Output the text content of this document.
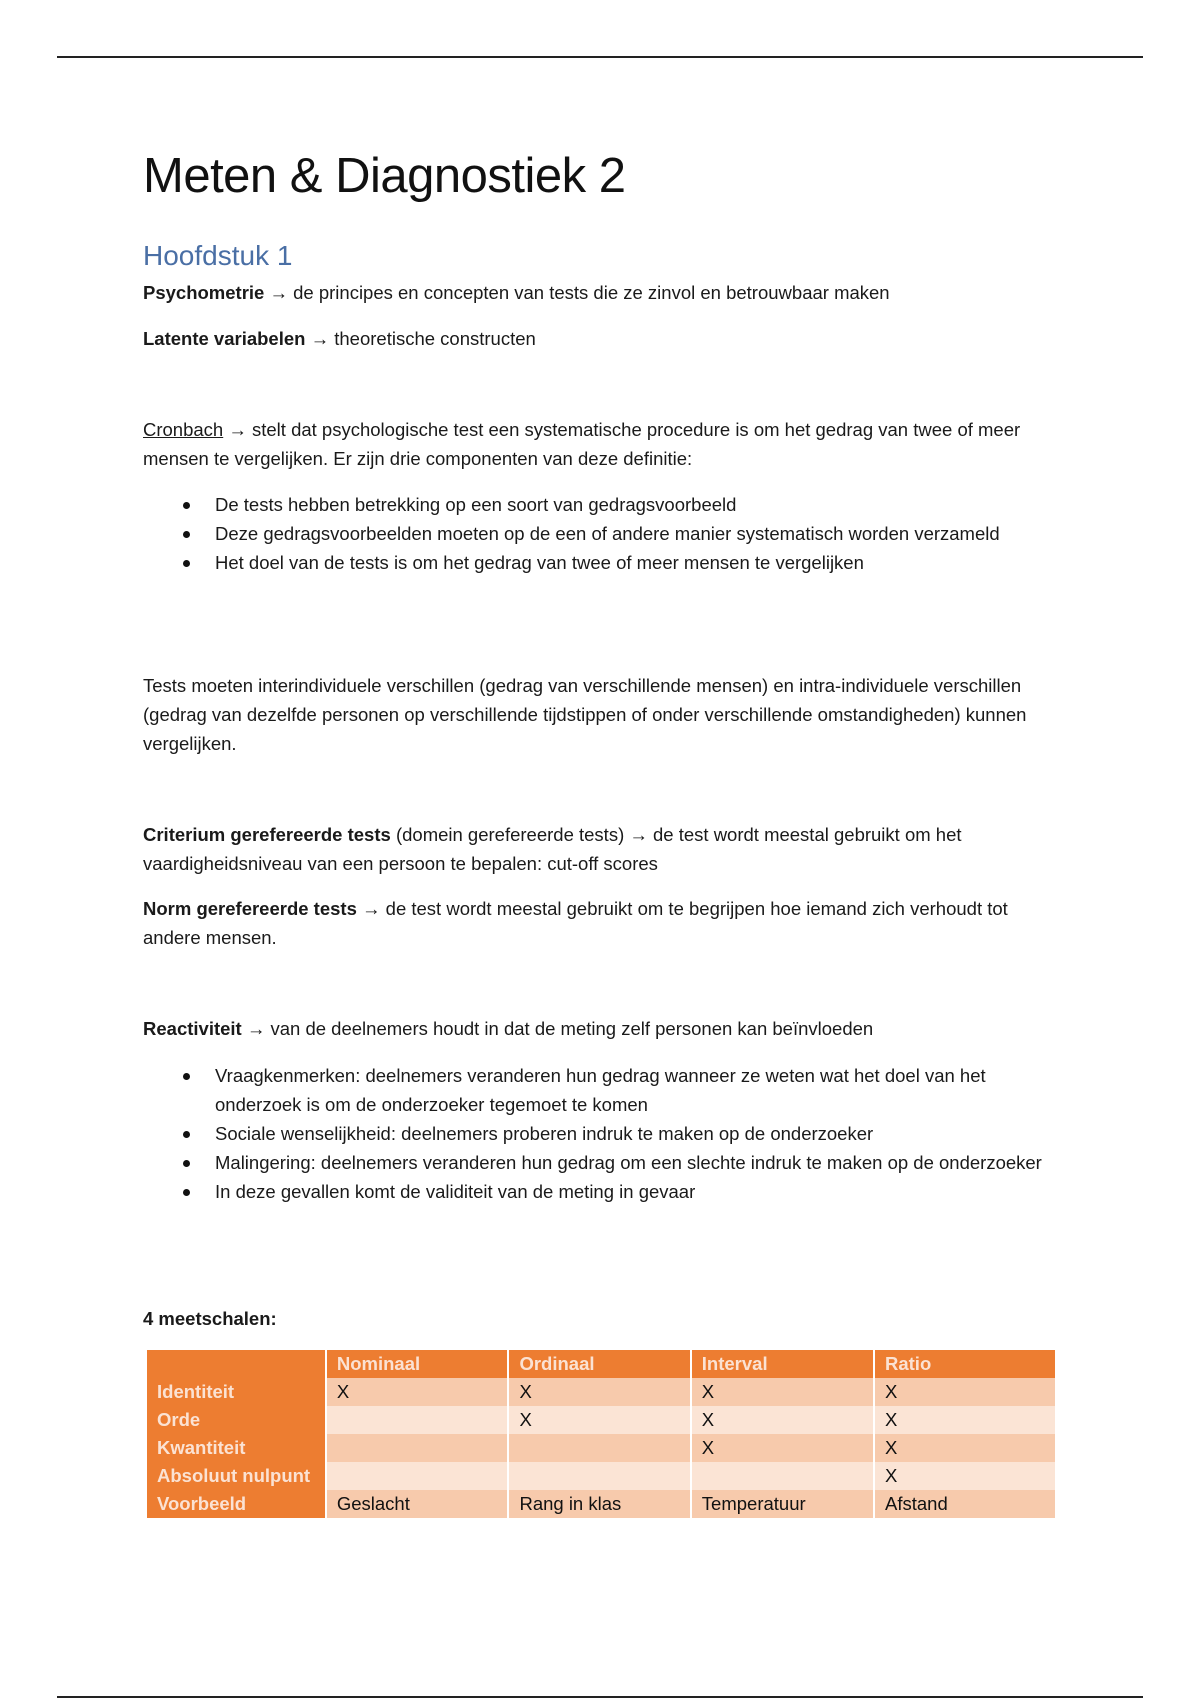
Meten & Diagnostiek 2
Hoofdstuk 1

Psychometrie → de principes en concepten van tests die ze zinvol en betrouwbaar maken

Latente variabelen → theoretische constructen

Cronbach → stelt dat psychologische test een systematische procedure is om het gedrag van twee of meer mensen te vergelijken. Er zijn drie componenten van deze definitie:

De tests hebben betrekking op een soort van gedragsvoorbeeld
Deze gedragsvoorbeelden moeten op de een of andere manier systematisch worden verzameld
Het doel van de tests is om het gedrag van twee of meer mensen te vergelijken

Tests moeten interindividuele verschillen (gedrag van verschillende mensen) en intra-individuele verschillen (gedrag van dezelfde personen op verschillende tijdstippen of onder verschillende omstandigheden) kunnen vergelijken.

Criterium gerefereerde tests (domein gerefereerde tests) → de test wordt meestal gebruikt om het vaardigheidsniveau van een persoon te bepalen: cut-off scores

Norm gerefereerde tests → de test wordt meestal gebruikt om te begrijpen hoe iemand zich verhoudt tot andere mensen.

Reactiviteit → van de deelnemers houdt in dat de meting zelf personen kan beïnvloeden

Vraagkenmerken: deelnemers veranderen hun gedrag wanneer ze weten wat het doel van het onderzoek is om de onderzoeker tegemoet te komen
Sociale wenselijkheid: deelnemers proberen indruk te maken op de onderzoeker
Malingering: deelnemers veranderen hun gedrag om een slechte indruk te maken op de onderzoeker
In deze gevallen komt de validiteit van de meting in gevaar

4 meetschalen:

	Nominaal	Ordinaal	Interval	Ratio
Identiteit	X	X	X	X
Orde		X	X	X
Kwantiteit			X	X
Absoluut nulpunt				X
Voorbeeld	Geslacht	Rang in klas	Temperatuur	Afstand
